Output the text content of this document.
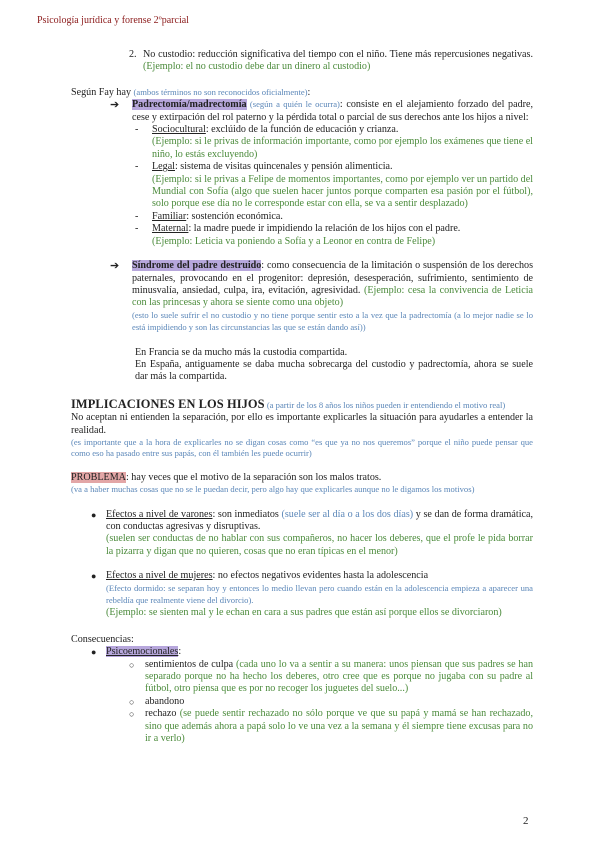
Psicología jurídica y forense 2ºparcial
2. No custodio: reducción significativa del tiempo con el niño. Tiene más repercusiones negativas. (Ejemplo: el no custodio debe dar un dinero al custodio)

Según Fay hay (ambos términos no son reconocidos oficialmente):

➔	Padrectomía/madrectomía (según a quién le ocurra): consiste en el alejamiento forzado del padre, cese y extirpación del rol paterno y la pérdida total o parcial de sus derechos ante los hijos a nivel:
-	Sociocultural: exclúido de la función de educación y crianza.
(Ejemplo: si le privas de información importante, como por ejemplo los exámenes que tiene el niño, lo estás excluyendo)
-	Legal: sistema de visitas quincenales y pensión alimenticia.
(Ejemplo: si le privas a Felipe de momentos importantes, como por ejemplo ver un partido del Mundial con Sofía (algo que suelen hacer juntos porque comparten esa pasión por el fútbol), solo porque ese día no le corresponde estar con ella, se va a sentir desplazado)
-	Familiar: sostención económica.
-	Maternal: la madre puede ir impidiendo la relación de los hijos con el padre.
(Ejemplo: Leticia va poniendo a Sofía y a Leonor en contra de Felipe)
➔	Síndrome del padre destruido: como consecuencia de la limitación o suspensión de los derechos paternales, provocando en el progenitor: depresión, desesperación, sufrimiento, sentimiento de minusvalía, ansiedad, culpa, ira, evitación, agresividad. (Ejemplo: cesa la convivencia de Leticia con las princesas y ahora se siente como una objeto)
(esto lo suele sufrir el no custodio y no tiene porque sentir esto a la vez que la padrectomía (a lo mejor nadie se lo está impidiendo y son las circunstancias las que se están dando así))

En Francia se da mucho más la custodia compartida.

En España, antiguamente se daba mucha sobrecarga del custodio y padrectomía, ahora se suele dar más la compartida.

IMPLICACIONES EN LOS HIJOS (a partir de los 8 años los niños pueden ir entendiendo el motivo real)

No aceptan ni entienden la separación, por ello es importante explicarles la situación para ayudarles a entender la realidad.

(es importante que a la hora de explicarles no se digan cosas como “es que ya no nos queremos” porque el niño puede pensar que como eso ha pasado entre sus papás, con él también les puede ocurrir)

PROBLEMA: hay veces que el motivo de la separación son los malos tratos.

(va a haber muchas cosas que no se le puedan decir, pero algo hay que explicarles aunque no le digamos los motivos)

● Efectos a nivel de varones: son inmediatos (suele ser al día o a los dos días) y se dan de forma dramática, con conductas agresivas y disruptivas.
(suelen ser conductas de no hablar con sus compañeros, no hacer los deberes, que el profe le pida borrar la pizarra y digan que no quieren, cosas que no eran típicas en el menor)
● Efectos a nivel de mujeres: no efectos negativos evidentes hasta la adolescencia
(Efecto dormido: se separan hoy y entonces lo medio llevan pero cuando están en la adolescencia empieza a aparecer una rebeldía que realmente viene del divorcio).
(Ejemplo: se sienten mal y le echan en cara a sus padres que están así porque ellos se divorciaron)

Consecuencias:

● Psicoemocionales:
○	sentimientos de culpa (cada uno lo va a sentir a su manera: unos piensan que sus padres se han separado porque no ha hecho los deberes, otro cree que es porque no jugaba con su padre al fútbol, otro piensa que es por no recoger los juguetes del suelo...)
○	abandono
○	rechazo (se puede sentir rechazado no sólo porque ve que su papá y mamá se han rechazado, sino que además ahora a papá solo lo ve una vez a la semana y él siempre tiene excusas para no ir a verlo)
2
